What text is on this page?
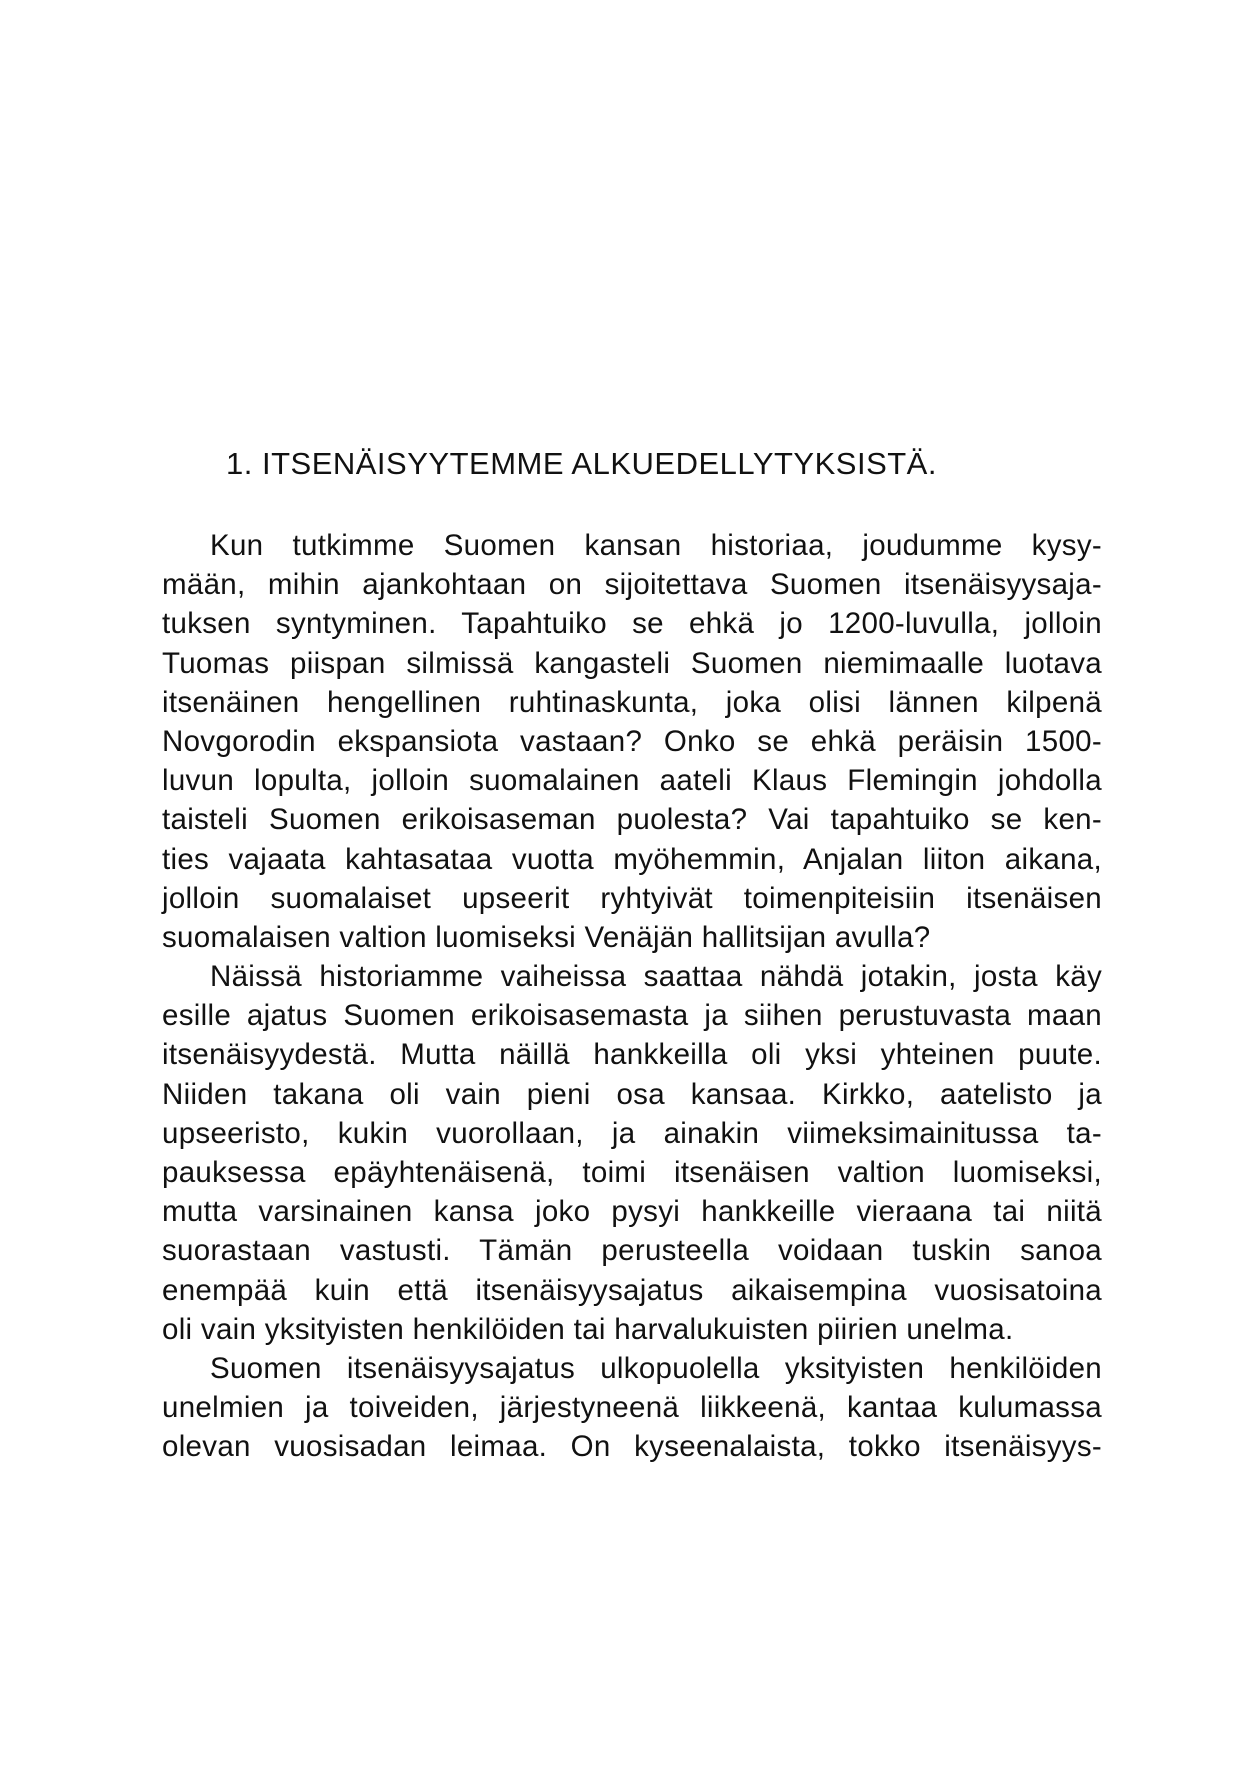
1. ITSENÄISYYTEMME ALKUEDELLYTYKSISTÄ.
Kun tutkimme Suomen kansan historiaa, joudumme kysy-
mään, mihin ajankohtaan on sijoitettava Suomen itsenäisyysaja-
tuksen syntyminen. Tapahtuiko se ehkä jo 1200-luvulla, jolloin
Tuomas piispan silmissä kangasteli Suomen niemimaalle luotava
itsenäinen hengellinen ruhtinaskunta, joka olisi lännen kilpenä
Novgorodin ekspansiota vastaan? Onko se ehkä peräisin 1500-
luvun lopulta, jolloin suomalainen aateli Klaus Flemingin johdolla
taisteli Suomen erikoisaseman puolesta? Vai tapahtuiko se ken-
ties vajaata kahtasataa vuotta myöhemmin, Anjalan liiton aikana,
jolloin suomalaiset upseerit ryhtyivät toimenpiteisiin itsenäisen
suomalaisen valtion luomiseksi Venäjän hallitsijan avulla?
Näissä historiamme vaiheissa saattaa nähdä jotakin, josta käy
esille ajatus Suomen erikoisasemasta ja siihen perustuvasta maan
itsenäisyydestä. Mutta näillä hankkeilla oli yksi yhteinen puute.
Niiden takana oli vain pieni osa kansaa. Kirkko, aatelisto ja
upseeristo, kukin vuorollaan, ja ainakin viimeksimainitussa ta-
pauksessa epäyhtenäisenä, toimi itsenäisen valtion luomiseksi,
mutta varsinainen kansa joko pysyi hankkeille vieraana tai niitä
suorastaan vastusti. Tämän perusteella voidaan tuskin sanoa
enempää kuin että itsenäisyysajatus aikaisempina vuosisatoina
oli vain yksityisten henkilöiden tai harvalukuisten piirien unelma.
Suomen itsenäisyysajatus ulkopuolella yksityisten henkilöiden
unelmien ja toiveiden, järjestyneenä liikkeenä, kantaa kulumassa
olevan vuosisadan leimaa. On kyseenalaista, tokko itsenäisyys-
